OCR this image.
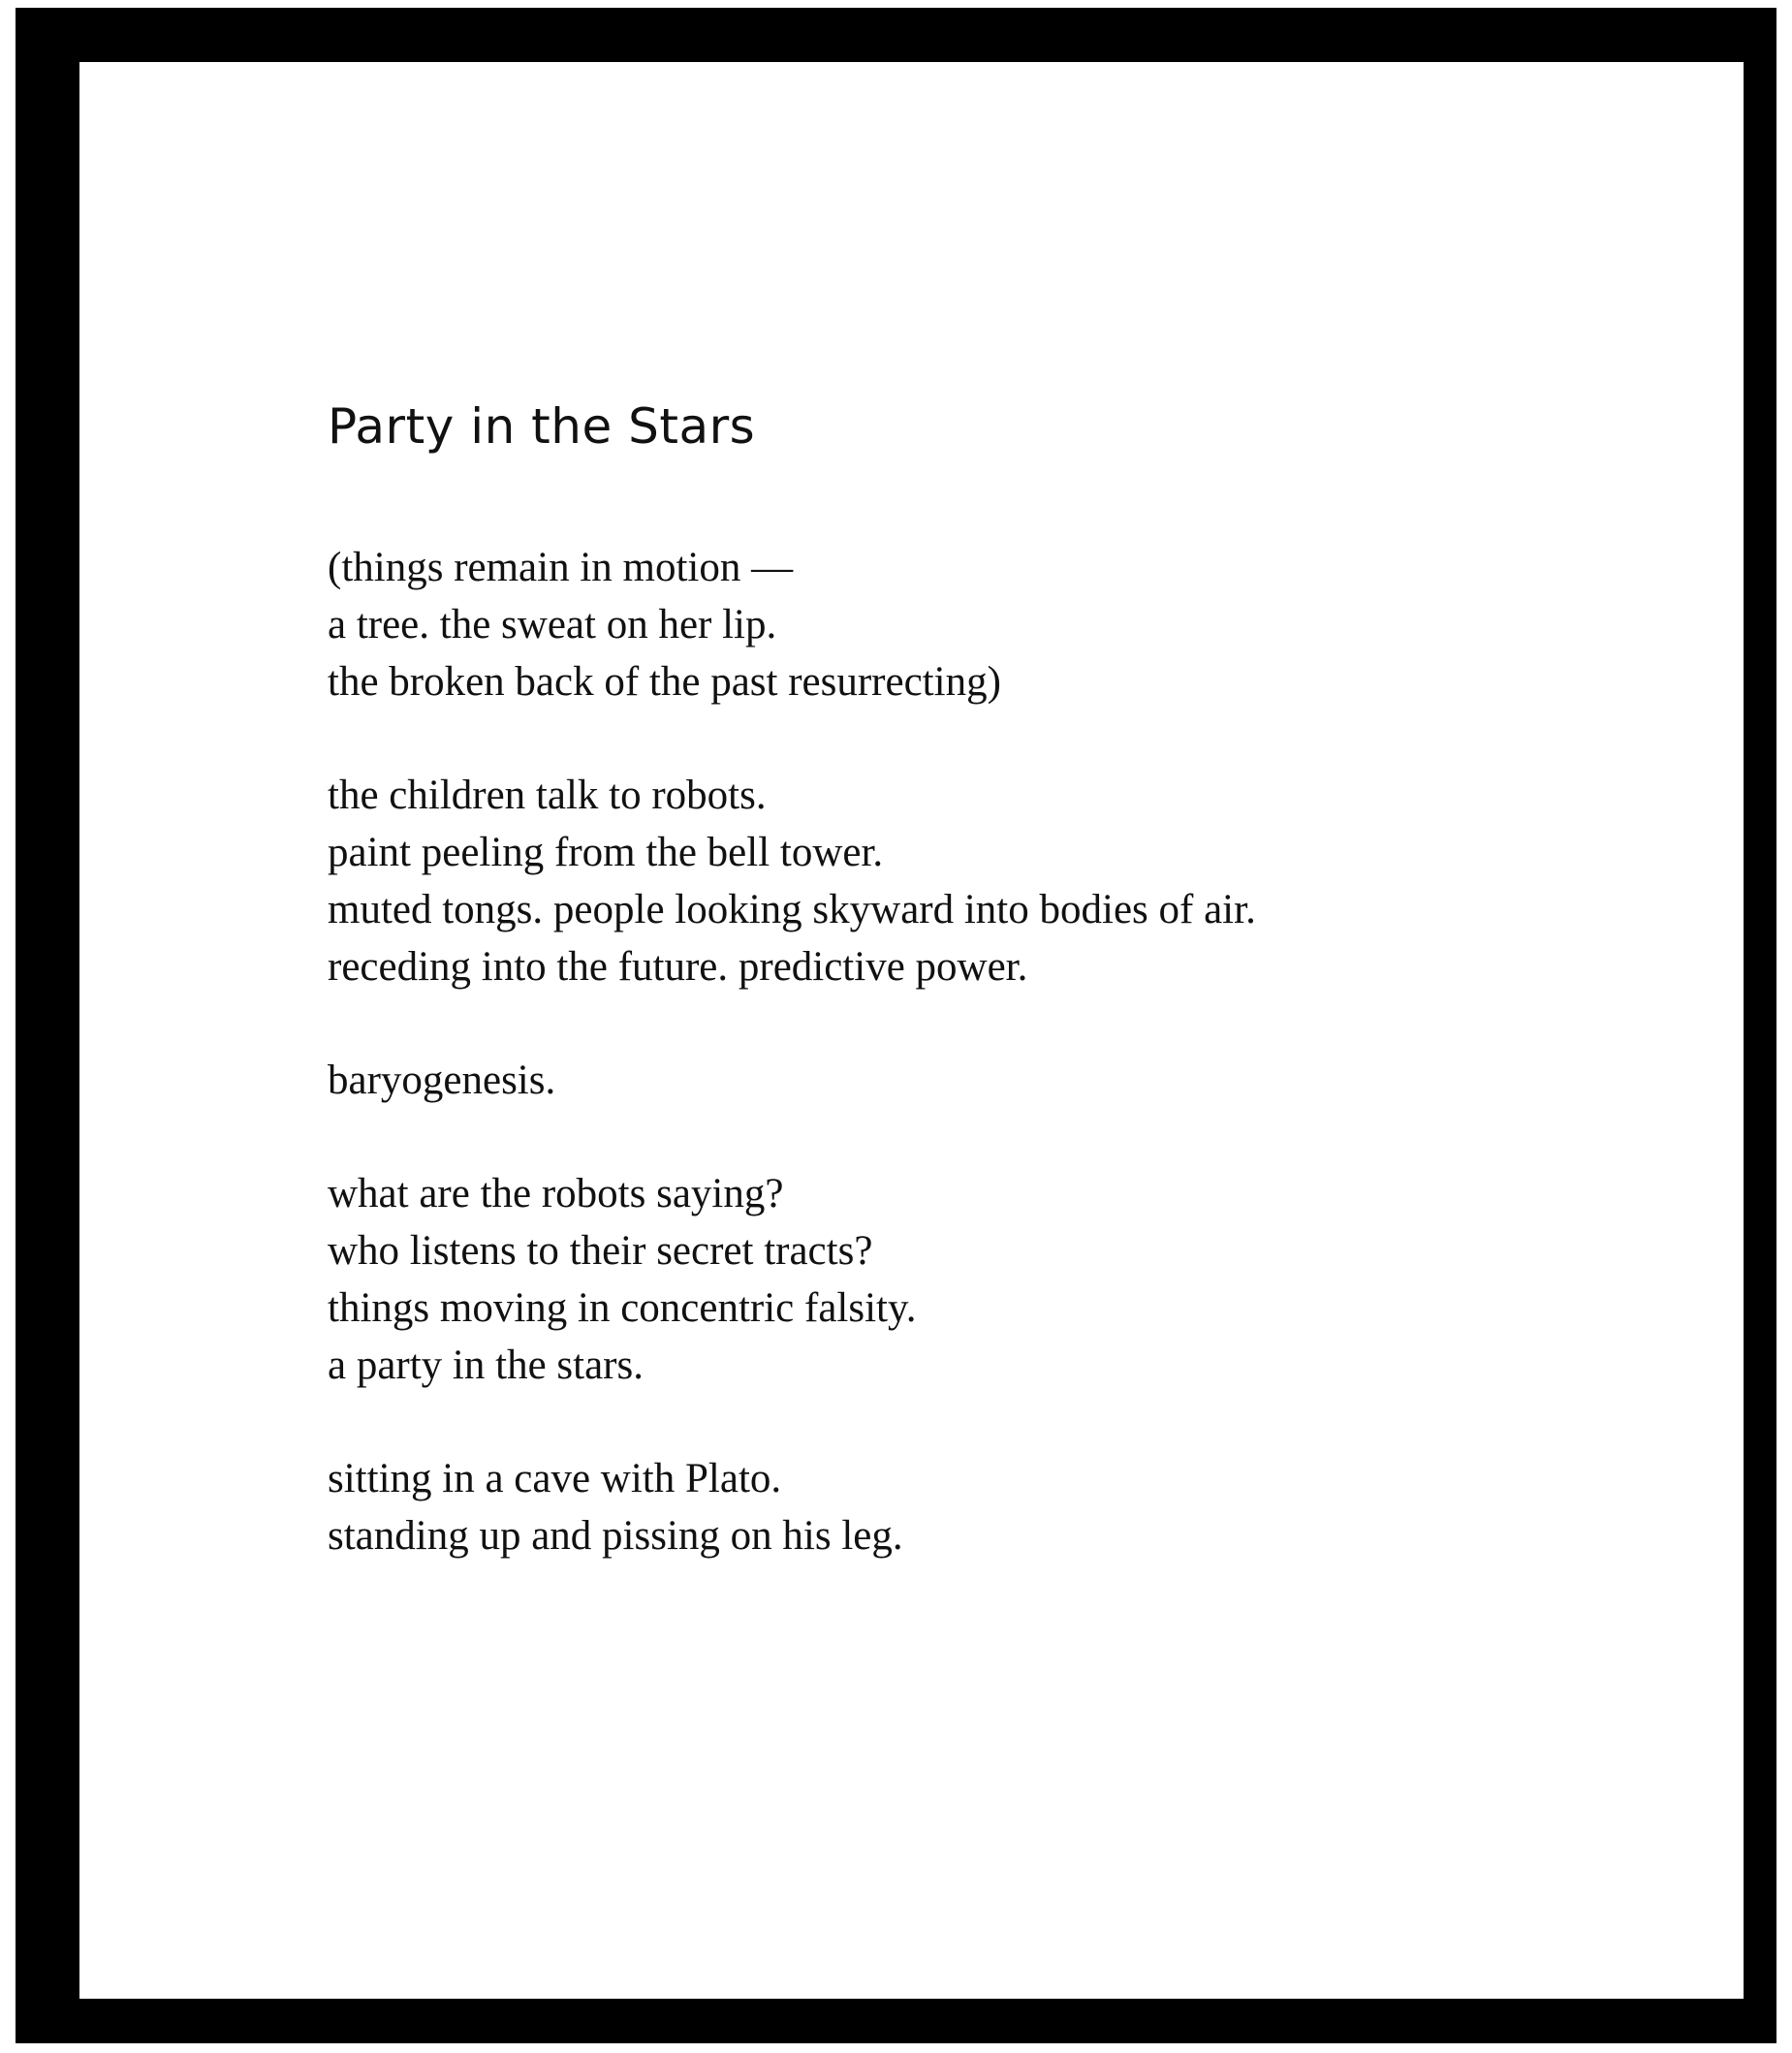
Party in the Stars
(things remain in motion —
a tree. the sweat on her lip.
the broken back of the past resurrecting)
the children talk to robots.
paint peeling from the bell tower.
muted tongs. people looking skyward into bodies of air.
receding into the future. predictive power.
baryogenesis.
what are the robots saying?
who listens to their secret tracts?
things moving in concentric falsity.
a party in the stars.
sitting in a cave with Plato.
standing up and pissing on his leg.
